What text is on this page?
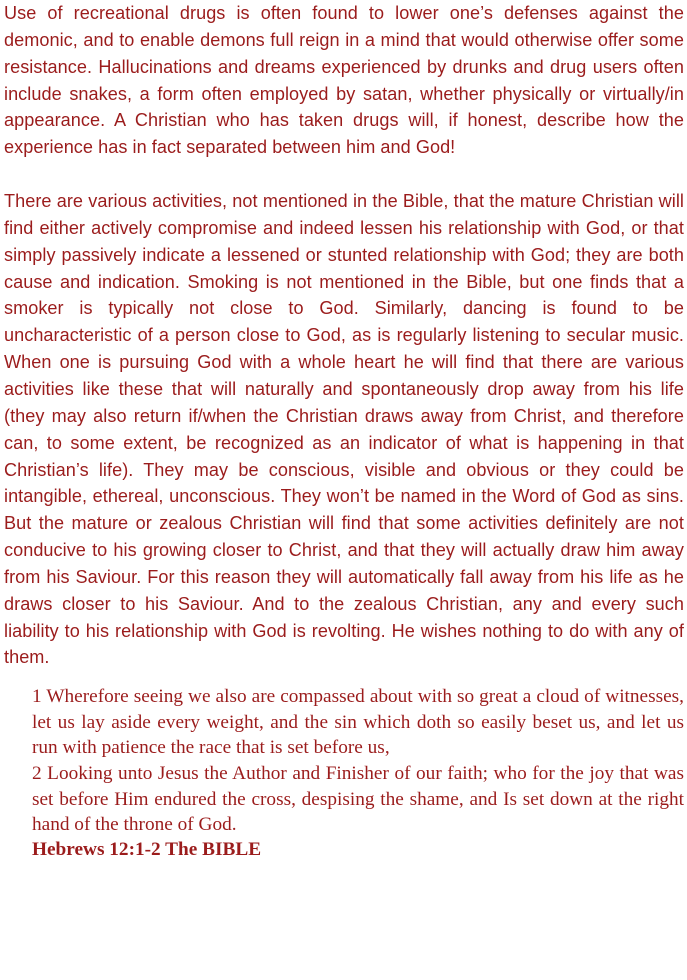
Use of recreational drugs is often found to lower one’s defenses against the demonic, and to enable demons full reign in a mind that would otherwise offer some resistance. Hallucinations and dreams experienced by drunks and drug users often include snakes, a form often employed by satan, whether physically or virtually/in appearance. A Christian who has taken drugs will, if honest, describe how the experience has in fact separated between him and God!

There are various activities, not mentioned in the Bible, that the mature Christian will find either actively compromise and indeed lessen his relationship with God, or that simply passively indicate a lessened or stunted relationship with God; they are both cause and indication. Smoking is not mentioned in the Bible, but one finds that a smoker is typically not close to God. Similarly, dancing is found to be uncharacteristic of a person close to God, as is regularly listening to secular music. When one is pursuing God with a whole heart he will find that there are various activities like these that will naturally and spontaneously drop away from his life (they may also return if/when the Christian draws away from Christ, and therefore can, to some extent, be recognized as an indicator of what is happening in that Christian’s life). They may be conscious, visible and obvious or they could be intangible, ethereal, unconscious. They won’t be named in the Word of God as sins. But the mature or zealous Christian will find that some activities definitely are not conducive to his growing closer to Christ, and that they will actually draw him away from his Saviour. For this reason they will automatically fall away from his life as he draws closer to his Saviour. And to the zealous Christian, any and every such liability to his relationship with God is revolting. He wishes nothing to do with any of them.

1 Wherefore seeing we also are compassed about with so great a cloud of witnesses, let us lay aside every weight, and the sin which doth so easily beset us, and let us run with patience the race that is set before us,

2 Looking unto Jesus the Author and Finisher of our faith; who for the joy that was set before Him endured the cross, despising the shame, and Is set down at the right hand of the throne of God.

Hebrews 12:1-2 The BIBLE
